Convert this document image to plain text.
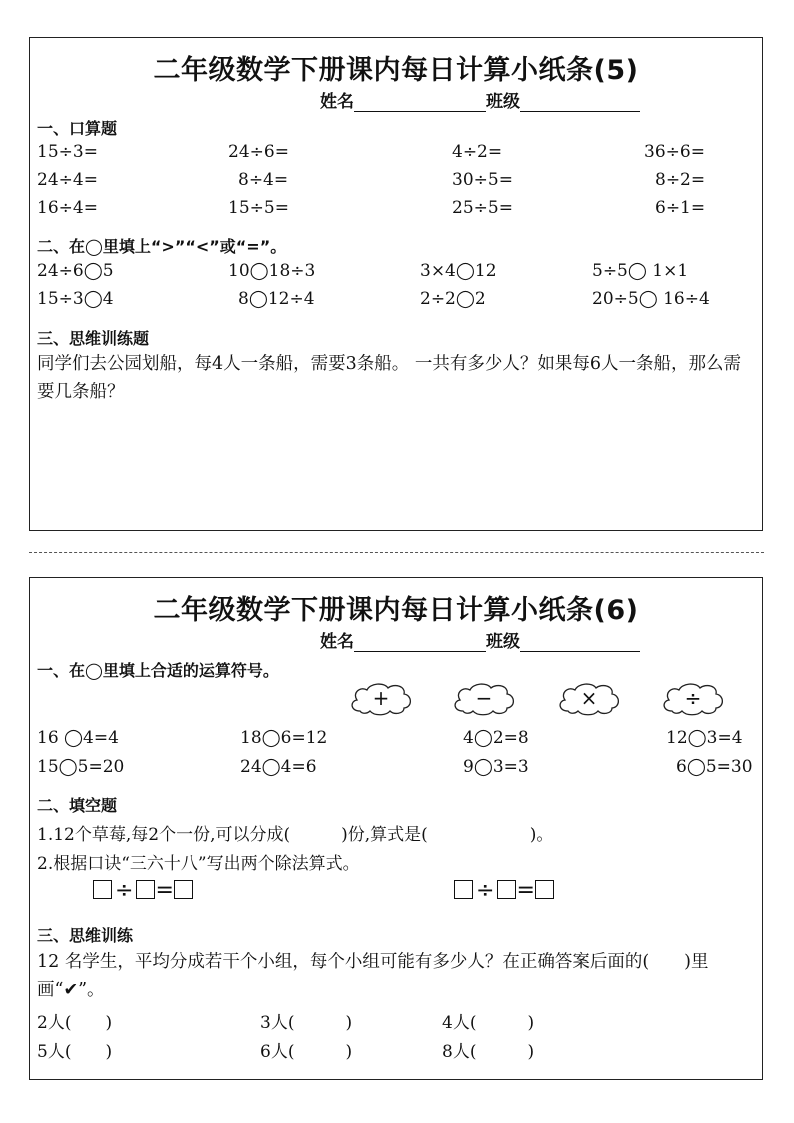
二年级数学下册课内每日计算小纸条(5)
姓名	班级
一、口算题
15÷3=	24÷6=	4÷2=	36÷6=
24÷4=	8÷4=	30÷5=	8÷2=
16÷4=	15÷5=	25÷5=	6÷1=
二、在◯里填上“>”“<”或“=”。
24÷6◯5	10◯18÷3	3×4◯12	5÷5◯ 1×1
15÷3◯4	8◯12÷4	2÷2◯2	20÷5◯ 16÷4
三、思维训练题
同学们去公园划船，每4人一条船，需要3条船。 一共有多少人？如果每6人一条船，那么需要几条船？
二年级数学下册课内每日计算小纸条(6)
姓名	班级
一、在◯里填上合适的运算符号。
+	−	×	÷
16 ◯4=4	18◯6=12	4◯2=8	12◯3=4
15◯5=20	24◯4=6	9◯3=3	6◯5=30
二、填空题
1.12个草莓,每2个一份,可以分成(　　　)份,算式是(　　　　　　)。
2.根据口诀“三六十八”写出两个除法算式。
÷ =	÷ =
三、思维训练
12 名学生，平均分成若干个小组，每个小组可能有多少人？在正确答案后面的(　　)里画“✔”。
2人(　　)	3人(　　　)	4人(　　　)
5人(　　)	6人(　　　)	8人(　　　)
